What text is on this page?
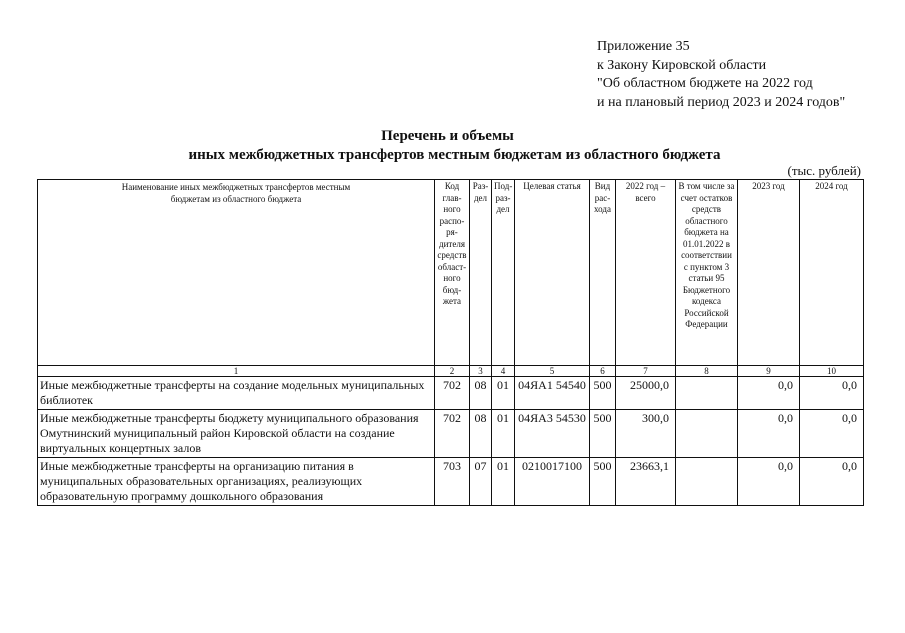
Приложение 35
к Закону Кировской области
"Об областном бюджете на 2022 год
и на плановый период 2023 и 2024 годов"
Перечень и объемы
иных межбюджетных трансфертов местным бюджетам из областного бюджета
(тыс. рублей)
Наименование иных межбюджетных трансфертов местным бюджетам из областного бюджета	Код глав-ного распо-ря-дителя средств област-ного бюд-жета	Раз-дел	Под-раз-дел	Целевая статья	Вид рас-хода	2022 год – всего	В том числе за счет остатков средств областного бюджета на 01.01.2022 в соответствии с пунктом 3 статьи 95 Бюджетного кодекса Российской Федерации	2023 год	2024 год
1	2	3	4	5	6	7	8	9	10
Иные межбюджетные трансферты на создание модельных муниципальных библиотек	702	08	01	04ЯА1 54540	500	25000,0		0,0	0,0
Иные межбюджетные трансферты бюджету муниципального образования Омутнинский муниципальный район Кировской области на создание виртуальных концертных залов	702	08	01	04ЯА3 54530	500	300,0		0,0	0,0
Иные межбюджетные трансферты на организацию питания в муниципальных образовательных организациях, реализующих образовательную программу дошкольного образования	703	07	01	0210017100	500	23663,1		0,0	0,0
